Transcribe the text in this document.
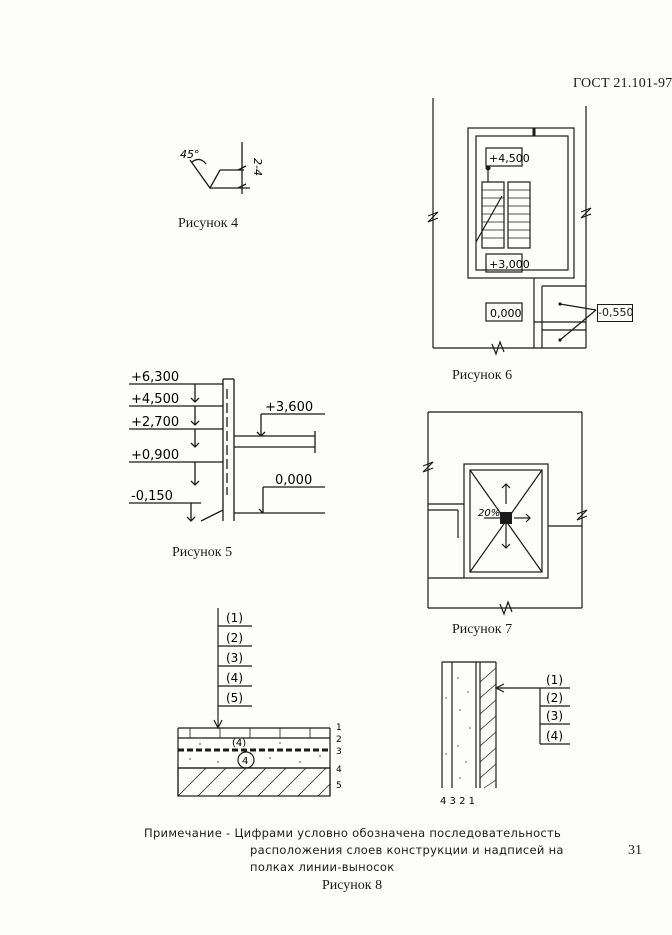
ГОСТ 21.101-97
45°
2-4
Рисунок 4
+6,300
+4,500
+2,700
+0,900
-0,150
+3,600
0,000
Рисунок 5
+4,500
+3,000
0,000	-0,550
Рисунок 6
20%
Рисунок 7
(1)
(2)
(3)
(4)
(5)
(4)
4
1
2
3
4
5
(1)
(2)
(3)
(4)
4 3 2 1
Примечание - Цифрами условно обозначена последовательность
расположения слоев конструкции и надписей на
полках линии-выносок
Рисунок 8
31
